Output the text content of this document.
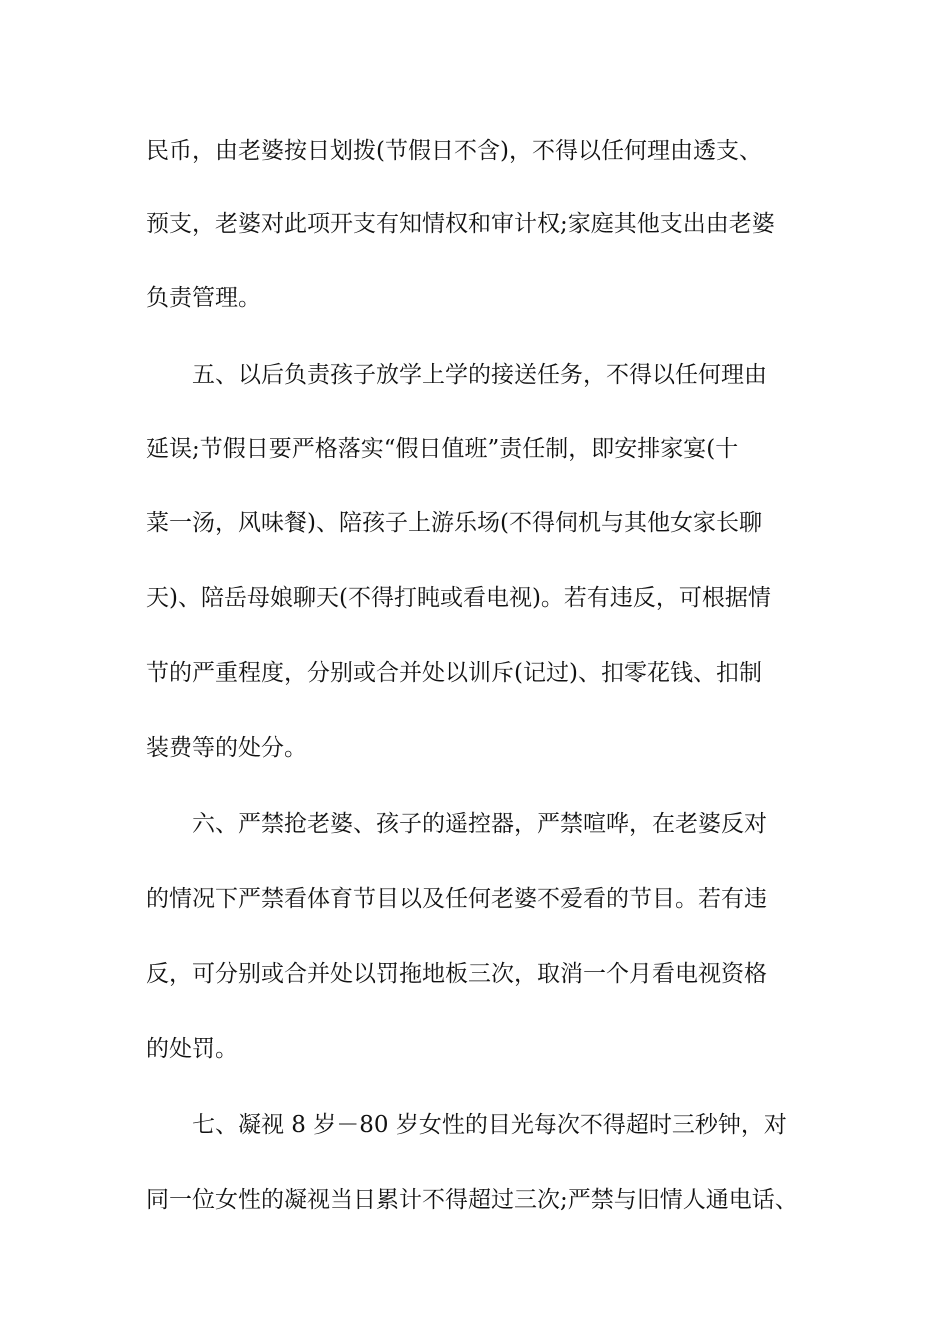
民币，由老婆按日划拨(节假日不含)，不得以任何理由透支、

预支，老婆对此项开支有知情权和审计权;家庭其他支出由老婆

负责管理。

　　五、以后负责孩子放学上学的接送任务，不得以任何理由

延误;节假日要严格落实“假日值班”责任制，即安排家宴(十

菜一汤，风味餐)、陪孩子上游乐场(不得伺机与其他女家长聊

天)、陪岳母娘聊天(不得打盹或看电视)。若有违反，可根据情

节的严重程度，分别或合并处以训斥(记过)、扣零花钱、扣制

装费等的处分。

　　六、严禁抢老婆、孩子的遥控器，严禁喧哗，在老婆反对

的情况下严禁看体育节目以及任何老婆不爱看的节目。若有违

反，可分别或合并处以罚拖地板三次，取消一个月看电视资格

的处罚。

　　七、凝视 8 岁－80 岁女性的目光每次不得超时三秒钟，对

同一位女性的凝视当日累计不得超过三次;严禁与旧情人通电话、
